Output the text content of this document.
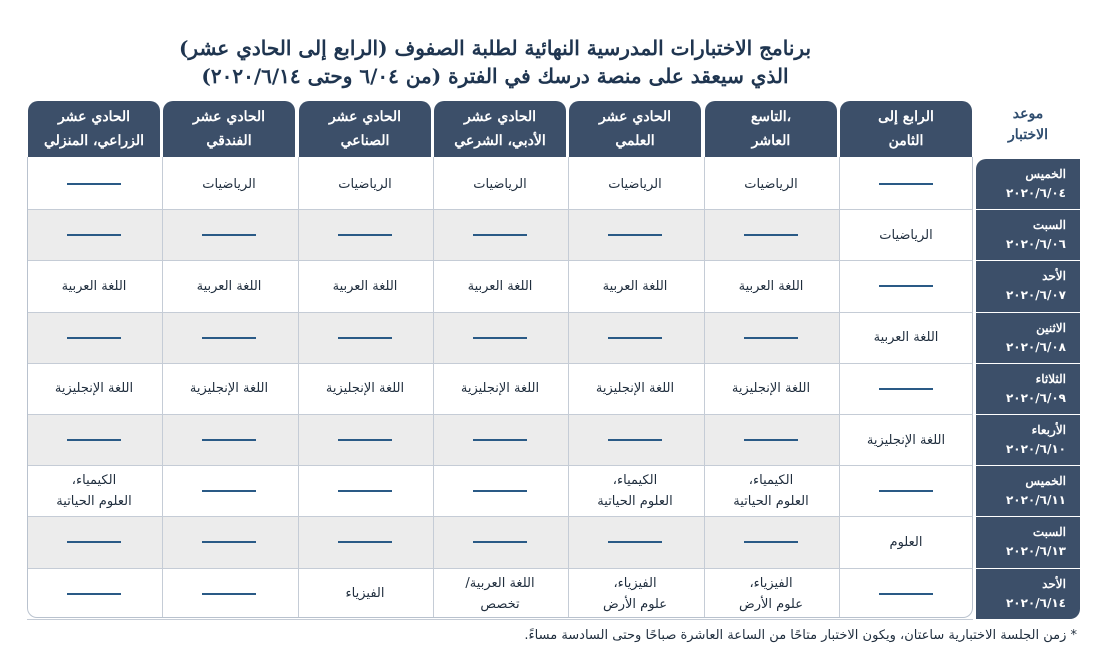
برنامج الاختبارات المدرسية النهائية لطلبة الصفوف (الرابع إلى الحادي عشر)
الذي سيعقد على منصة درسك في الفترة (من ٦/٠٤ وحتى ٢٠٢٠/٦/١٤)
موعد
الاختبار
الرابع إلى
الثامن
التاسع،
العاشر
الحادي عشر
العلمي
الحادي عشر
الأدبي، الشرعي
الحادي عشر
الصناعي
الحادي عشر
الفندقي
الحادي عشر
الزراعي، المنزلي
الخميس
٢٠٢٠/٦/٠٤
الرياضيات
الرياضيات
الرياضيات
الرياضيات
الرياضيات
السبت
٢٠٢٠/٦/٠٦
الرياضيات
الأحد
٢٠٢٠/٦/٠٧
اللغة العربية
اللغة العربية
اللغة العربية
اللغة العربية
اللغة العربية
اللغة العربية
الاثنين
٢٠٢٠/٦/٠٨
اللغة العربية
الثلاثاء
٢٠٢٠/٦/٠٩
اللغة الإنجليزية
اللغة الإنجليزية
اللغة الإنجليزية
اللغة الإنجليزية
اللغة الإنجليزية
اللغة الإنجليزية
الأربعاء
٢٠٢٠/٦/١٠
اللغة الإنجليزية
الخميس
٢٠٢٠/٦/١١
الكيمياء،
العلوم الحياتية
الكيمياء،
العلوم الحياتية
الكيمياء،
العلوم الحياتية
السبت
٢٠٢٠/٦/١٣
العلوم
الأحد
٢٠٢٠/٦/١٤
الفيزياء،
علوم الأرض
الفيزياء،
علوم الأرض
اللغة العربية/
تخصص
الفيزياء
* زمن الجلسة الاختبارية ساعتان، ويكون الاختبار متاحًا من الساعة العاشرة صباحًا وحتى السادسة مساءً.
